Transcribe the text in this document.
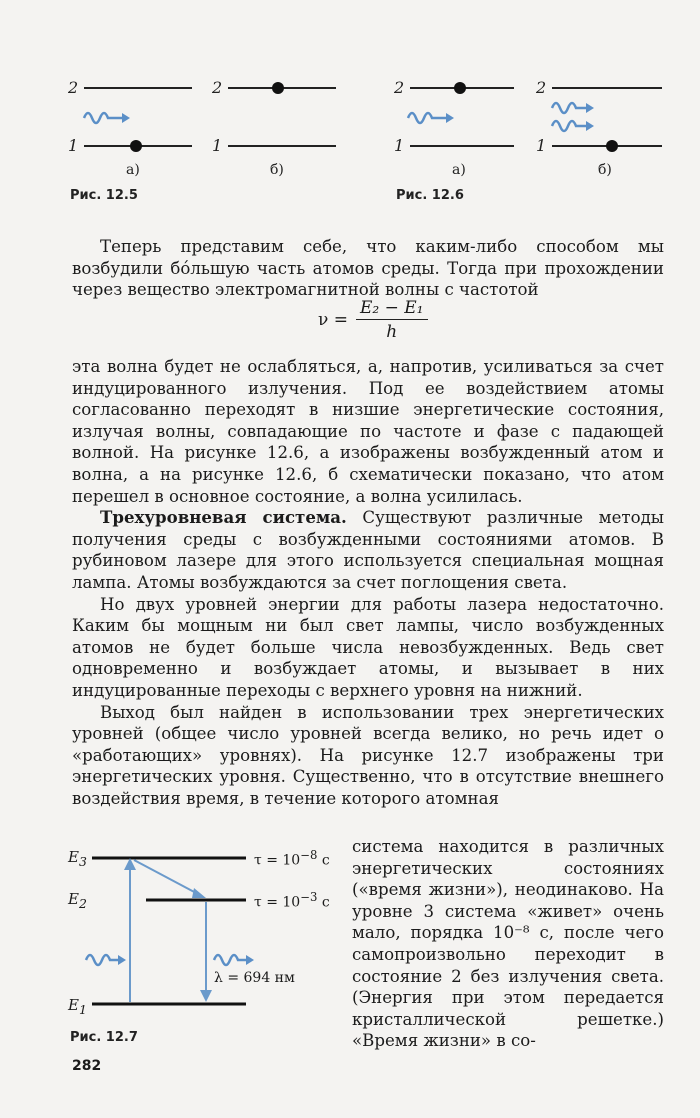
2
1
2
1
а)	б)
Рис. 12.5
2
1
2
1
а)	б)
Рис. 12.6

Теперь представим себе, что каким-либо способом мы возбудили бóльшую часть атомов среды. Тогда при прохождении через вещество электромагнитной волны с частотой

$\nu = \frac{\text{E₂ − E₁}}{h}$

эта волна будет не ослабляться, а, напротив, усиливаться за счет индуцированного излучения. Под ее воздействием атомы согласованно переходят в низшие энергетические состояния, излучая волны, совпадающие по частоте и фазе с падающей волной. На рисунке 12.6, а изображены возбужденный атом и волна, а на рисунке 12.6, б схематически показано, что атом перешел в основное состояние, а волна усилилась.

Трехуровневая система. Существуют различные методы получения среды с возбужденными состояниями атомов. В рубиновом лазере для этого используется специальная мощная лампа. Атомы возбуждаются за счет поглощения света.

Но двух уровней энергии для работы лазера недостаточно. Каким бы мощным ни был свет лампы, число возбужденных атомов не будет больше числа невозбужденных. Ведь свет одновременно и возбуждает атомы, и вызывает в них индуцированные переходы с верхнего уровня на нижний.

Выход был найден в использовании трех энергетических уровней (общее число уровней всегда велико, но речь идет о «работающих» уровнях). На рисунке 12.7 изображены три энергетических уровня. Существенно, что в отсутствие внешнего воздействия время, в течение которого атомная

$E_3$
$E_2$
$E_1$
$\tau = 10^{-8}$ с
$\tau = 10^{-3}$ с
λ = 694 нм
Рис. 12.7

система находится в различных энергетических состояниях («время жизни»), неодинаково. На уровне 3 система «живет» очень мало, порядка 10⁻⁸ с, после чего самопроизвольно переходит в состояние 2 без излучения света. (Энергия при этом передается кристаллической решетке.) «Время жизни» в со-

282
